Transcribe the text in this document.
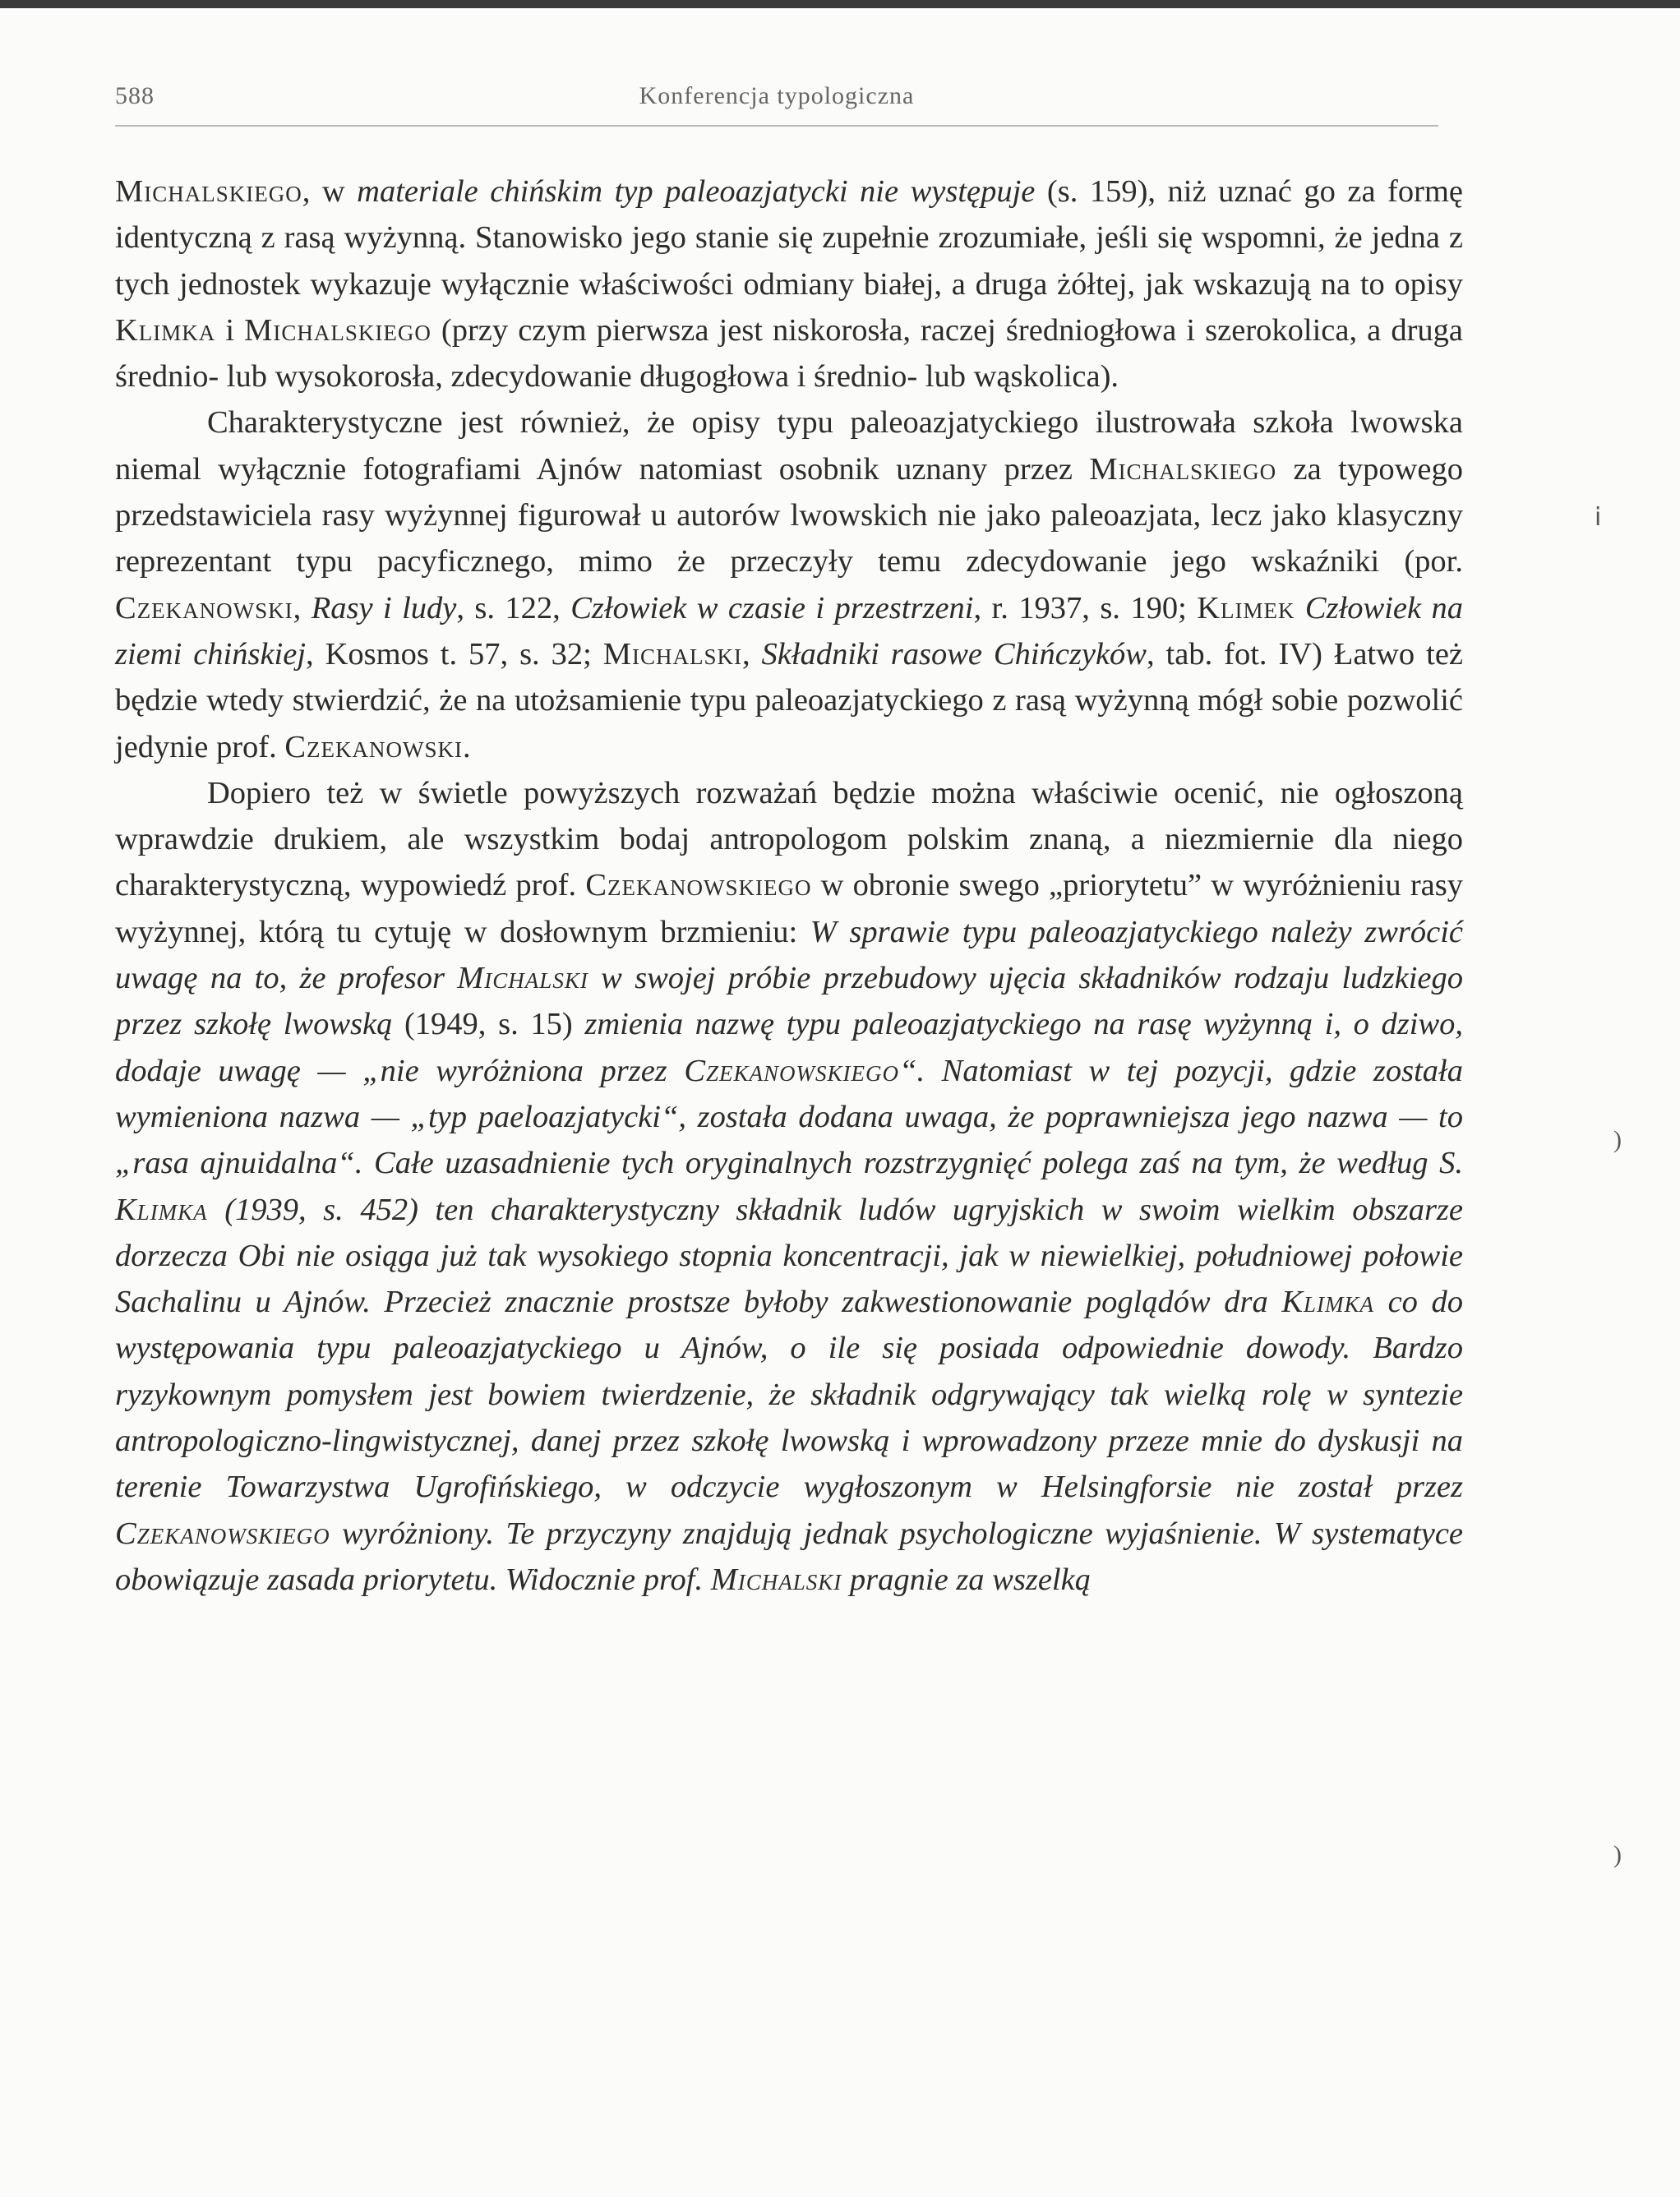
588	Konferencja typologiczna

Michalskiego, w materiale chińskim typ paleoazjatycki nie występuje (s. 159), niż uznać go za formę identyczną z rasą wyżynną. Stanowisko jego stanie się zupełnie zrozumiałe, jeśli się wspomni, że jedna z tych jednostek wykazuje wyłącznie właściwości odmiany białej, a druga żółtej, jak wskazują na to opisy Klimka i Michalskiego (przy czym pierwsza jest niskorosła, raczej średniogłowa i szerokolica, a druga średnio- lub wysokorosła, zdecydowanie długogłowa i średnio- lub wąskolica).

Charakterystyczne jest również, że opisy typu paleoazjatyckiego ilustrowała szkoła lwowska niemal wyłącznie fotografiami Ajnów natomiast osobnik uznany przez Michalskiego za typowego przedstawiciela rasy wyżynnej figurował u autorów lwowskich nie jako paleoazjata, lecz jako klasyczny reprezentant typu pacyficznego, mimo że przeczyły temu zdecydowanie jego wskaźniki (por. Czekanowski, Rasy i ludy, s. 122, Człowiek w czasie i przestrzeni, r. 1937, s. 190; Klimek Człowiek na ziemi chińskiej, Kosmos t. 57, s. 32; Michalski, Składniki rasowe Chińczyków, tab. fot. IV) Łatwo też będzie wtedy stwierdzić, że na utożsamienie typu paleoazjatyckiego z rasą wyżynną mógł sobie pozwolić jedynie prof. Czekanowski.

Dopiero też w świetle powyższych rozważań będzie można właściwie ocenić, nie ogłoszoną wprawdzie drukiem, ale wszystkim bodaj antropologom polskim znaną, a niezmiernie dla niego charakterystyczną, wypowiedź prof. Czekanowskiego w obronie swego „priorytetu” w wyróżnieniu rasy wyżynnej, którą tu cytuję w dosłownym brzmieniu: W sprawie typu paleoazjatyckiego należy zwrócić uwagę na to, że profesor Michalski w swojej próbie przebudowy ujęcia składników rodzaju ludzkiego przez szkołę lwowską (1949, s. 15) zmienia nazwę typu paleoazjatyckiego na rasę wyżynną i, o dziwo, dodaje uwagę — „nie wyróżniona przez Czekanowskiego“. Natomiast w tej pozycji, gdzie została wymieniona nazwa — „typ paeloazjatycki“, została dodana uwaga, że poprawniejsza jego nazwa — to „rasa ajnuidalna“. Całe uzasadnienie tych oryginalnych rozstrzygnięć polega zaś na tym, że według S. Klimka (1939, s. 452) ten charakterystyczny składnik ludów ugryjskich w swoim wielkim obszarze dorzecza Obi nie osiąga już tak wysokiego stopnia koncentracji, jak w niewielkiej, południowej połowie Sachalinu u Ajnów. Przecież znacznie prostsze byłoby zakwestionowanie poglądów dra Klimka co do występowania typu paleoazjatyckiego u Ajnów, o ile się posiada odpowiednie dowody. Bardzo ryzykownym pomysłem jest bowiem twierdzenie, że składnik odgrywający tak wielką rolę w syntezie antropologiczno-lingwistycznej, danej przez szkołę lwowską i wprowadzony przeze mnie do dyskusji na terenie Towarzystwa Ugrofińskiego, w odczycie wygłoszonym w Helsingforsie nie został przez Czekanowskiego wyróżniony. Te przyczyny znajdują jednak psychologiczne wyjaśnienie. W systematyce obowiązuje zasada priorytetu. Widocznie prof. Michalski pragnie za wszelką

ⅰ
)
)
